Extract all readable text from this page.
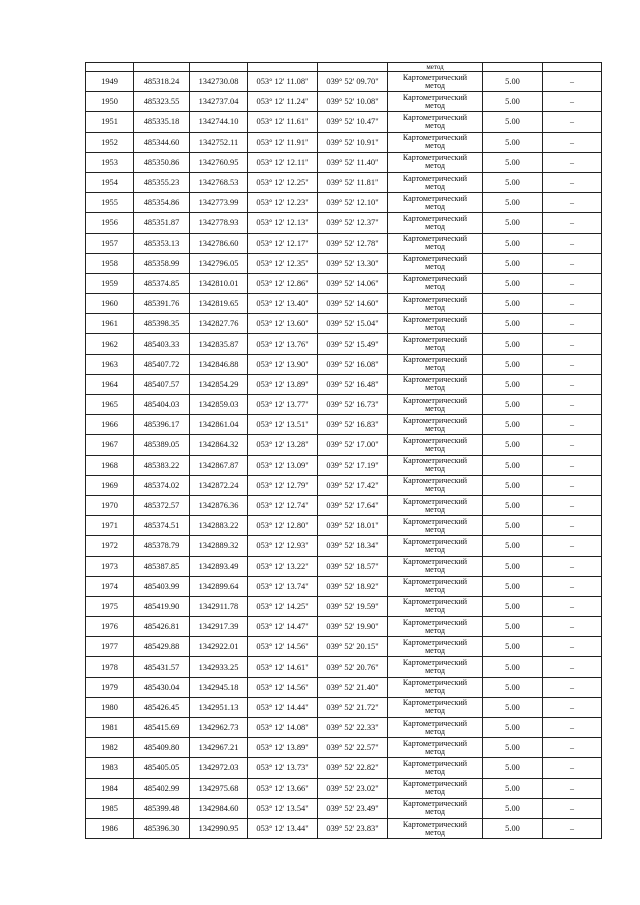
					метод		
1949	485318.24	1342730.08	053° 12' 11.08"	039° 52' 09.70"	Картометрический
метод	5.00	–
1950	485323.55	1342737.04	053° 12' 11.24"	039° 52' 10.08"	Картометрический
метод	5.00	–
1951	485335.18	1342744.10	053° 12' 11.61"	039° 52' 10.47"	Картометрический
метод	5.00	–
1952	485344.60	1342752.11	053° 12' 11.91"	039° 52' 10.91"	Картометрический
метод	5.00	–
1953	485350.86	1342760.95	053° 12' 12.11"	039° 52' 11.40"	Картометрический
метод	5.00	–
1954	485355.23	1342768.53	053° 12' 12.25"	039° 52' 11.81"	Картометрический
метод	5.00	–
1955	485354.86	1342773.99	053° 12' 12.23"	039° 52' 12.10"	Картометрический
метод	5.00	–
1956	485351.87	1342778.93	053° 12' 12.13"	039° 52' 12.37"	Картометрический
метод	5.00	–
1957	485353.13	1342786.60	053° 12' 12.17"	039° 52' 12.78"	Картометрический
метод	5.00	–
1958	485358.99	1342796.05	053° 12' 12.35"	039° 52' 13.30"	Картометрический
метод	5.00	–
1959	485374.85	1342810.01	053° 12' 12.86"	039° 52' 14.06"	Картометрический
метод	5.00	–
1960	485391.76	1342819.65	053° 12' 13.40"	039° 52' 14.60"	Картометрический
метод	5.00	–
1961	485398.35	1342827.76	053° 12' 13.60"	039° 52' 15.04"	Картометрический
метод	5.00	–
1962	485403.33	1342835.87	053° 12' 13.76"	039° 52' 15.49"	Картометрический
метод	5.00	–
1963	485407.72	1342846.88	053° 12' 13.90"	039° 52' 16.08"	Картометрический
метод	5.00	–
1964	485407.57	1342854.29	053° 12' 13.89"	039° 52' 16.48"	Картометрический
метод	5.00	–
1965	485404.03	1342859.03	053° 12' 13.77"	039° 52' 16.73"	Картометрический
метод	5.00	–
1966	485396.17	1342861.04	053° 12' 13.51"	039° 52' 16.83"	Картометрический
метод	5.00	–
1967	485389.05	1342864.32	053° 12' 13.28"	039° 52' 17.00"	Картометрический
метод	5.00	–
1968	485383.22	1342867.87	053° 12' 13.09"	039° 52' 17.19"	Картометрический
метод	5.00	–
1969	485374.02	1342872.24	053° 12' 12.79"	039° 52' 17.42"	Картометрический
метод	5.00	–
1970	485372.57	1342876.36	053° 12' 12.74"	039° 52' 17.64"	Картометрический
метод	5.00	–
1971	485374.51	1342883.22	053° 12' 12.80"	039° 52' 18.01"	Картометрический
метод	5.00	–
1972	485378.79	1342889.32	053° 12' 12.93"	039° 52' 18.34"	Картометрический
метод	5.00	–
1973	485387.85	1342893.49	053° 12' 13.22"	039° 52' 18.57"	Картометрический
метод	5.00	–
1974	485403.99	1342899.64	053° 12' 13.74"	039° 52' 18.92"	Картометрический
метод	5.00	–
1975	485419.90	1342911.78	053° 12' 14.25"	039° 52' 19.59"	Картометрический
метод	5.00	–
1976	485426.81	1342917.39	053° 12' 14.47"	039° 52' 19.90"	Картометрический
метод	5.00	–
1977	485429.88	1342922.01	053° 12' 14.56"	039° 52' 20.15"	Картометрический
метод	5.00	–
1978	485431.57	1342933.25	053° 12' 14.61"	039° 52' 20.76"	Картометрический
метод	5.00	–
1979	485430.04	1342945.18	053° 12' 14.56"	039° 52' 21.40"	Картометрический
метод	5.00	–
1980	485426.45	1342951.13	053° 12' 14.44"	039° 52' 21.72"	Картометрический
метод	5.00	–
1981	485415.69	1342962.73	053° 12' 14.08"	039° 52' 22.33"	Картометрический
метод	5.00	–
1982	485409.80	1342967.21	053° 12' 13.89"	039° 52' 22.57"	Картометрический
метод	5.00	–
1983	485405.05	1342972.03	053° 12' 13.73"	039° 52' 22.82"	Картометрический
метод	5.00	–
1984	485402.99	1342975.68	053° 12' 13.66"	039° 52' 23.02"	Картометрический
метод	5.00	–
1985	485399.48	1342984.60	053° 12' 13.54"	039° 52' 23.49"	Картометрический
метод	5.00	–
1986	485396.30	1342990.95	053° 12' 13.44"	039° 52' 23.83"	Картометрический
метод	5.00	–
